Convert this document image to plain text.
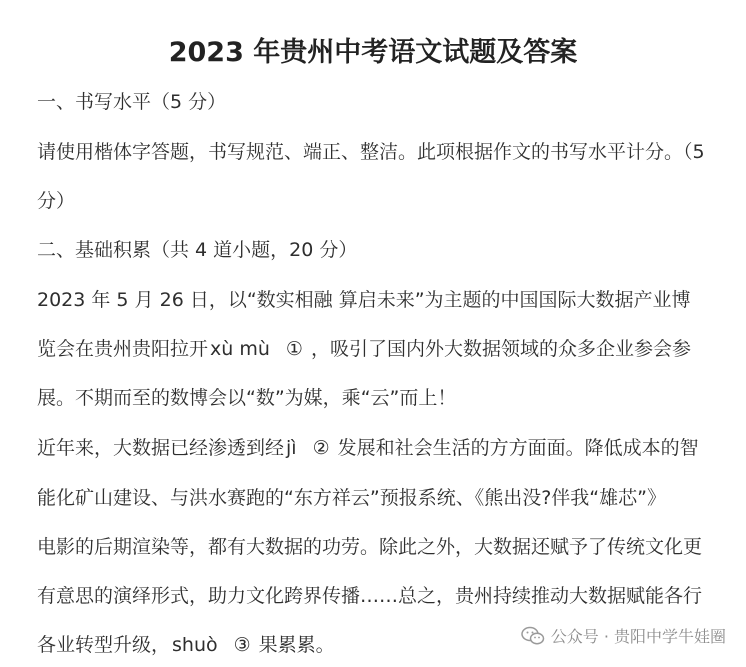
2023 年贵州中考语文试题及答案
一、书写水平（5 分）
请使用楷体字答题，书写规范、端正、整洁。此项根据作文的书写水平计分。（5
分）
二、基础积累（共 4 道小题，20 分）
2023 年 5 月 26 日，以“数实相融 算启未来”为主题的中国国际大数据产业博
览会在贵州贵阳拉开 xù mù ① ，吸引了国内外大数据领域的众多企业参会参
展。不期而至的数博会以“数”为媒，乘“云”而上！
近年来，大数据已经渗透到经 jì ② 发展和社会生活的方方面面。降低成本的智
能化矿山建设、与洪水赛跑的“东方祥云”预报系统、《熊出没?伴我“雄芯”》
电影的后期渲染等，都有大数据的功劳。除此之外，大数据还赋予了传统文化更
有意思的演绎形式，助力文化跨界传播……总之，贵州持续推动大数据赋能各行
各业转型升级， shuò ③ 果累累。	公众号 · 贵阳中学牛娃圈
